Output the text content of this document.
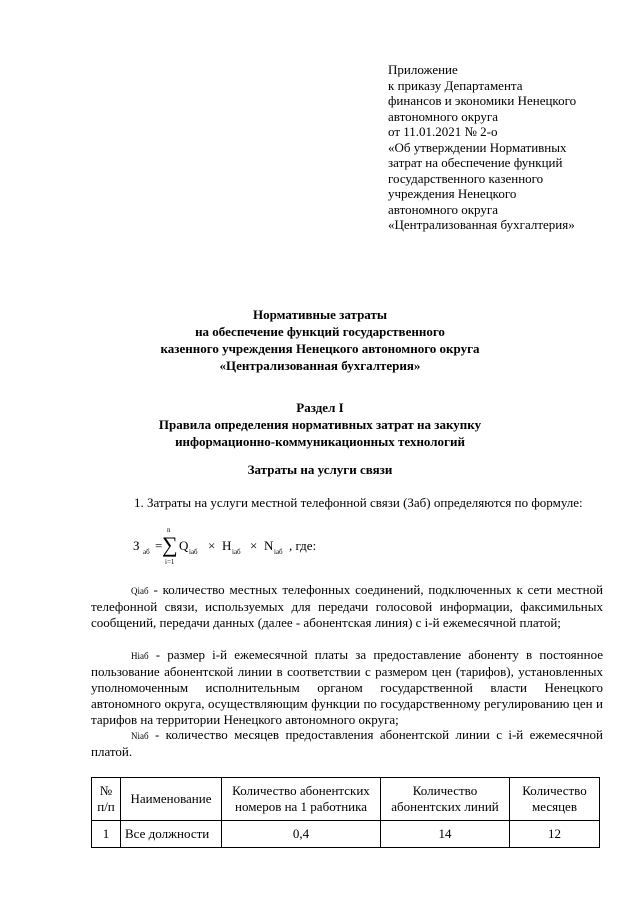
Приложение
к приказу Департамента
финансов и экономики Ненецкого
автономного округа
от 11.01.2021 № 2-о
«Об утверждении Нормативных
затрат на обеспечение функций
государственного казенного
учреждения Ненецкого
автономного округа
«Централизованная бухгалтерия»
Нормативные затраты
на обеспечение функций государственного
казенного учреждения Ненецкого автономного округа
«Централизованная бухгалтерия»
Раздел I
Правила определения нормативных затрат на закупку
информационно-коммуникационных технологий
Затраты на услуги связи
1. Затраты на услуги местной телефонной связи (Заб) определяются по формуле:
З аб =
n
∑
i=1
Q iаб × H iаб × N iаб , где:
Qiаб - количество местных телефонных соединений, подключенных к сети местной телефонной связи, используемых для передачи голосовой информации, факсимильных сообщений, передачи данных (далее - абонентская линия) с i-й ежемесячной платой;
Hiаб - размер i-й ежемесячной платы за предоставление абоненту в постоянное пользование абонентской линии в соответствии с размером цен (тарифов), установленных уполномоченным исполнительным органом государственной власти Ненецкого автономного округа, осуществляющим функции по государственному регулированию цен и тарифов на территории Ненецкого автономного округа;
Niаб - количество месяцев предоставления абонентской линии с i-й ежемесячной платой.
№ п/п	Наименование	Количество абонентских номеров на 1 работника	Количество абонентских линий	Количество месяцев
1	Все должности	0,4	14	12
